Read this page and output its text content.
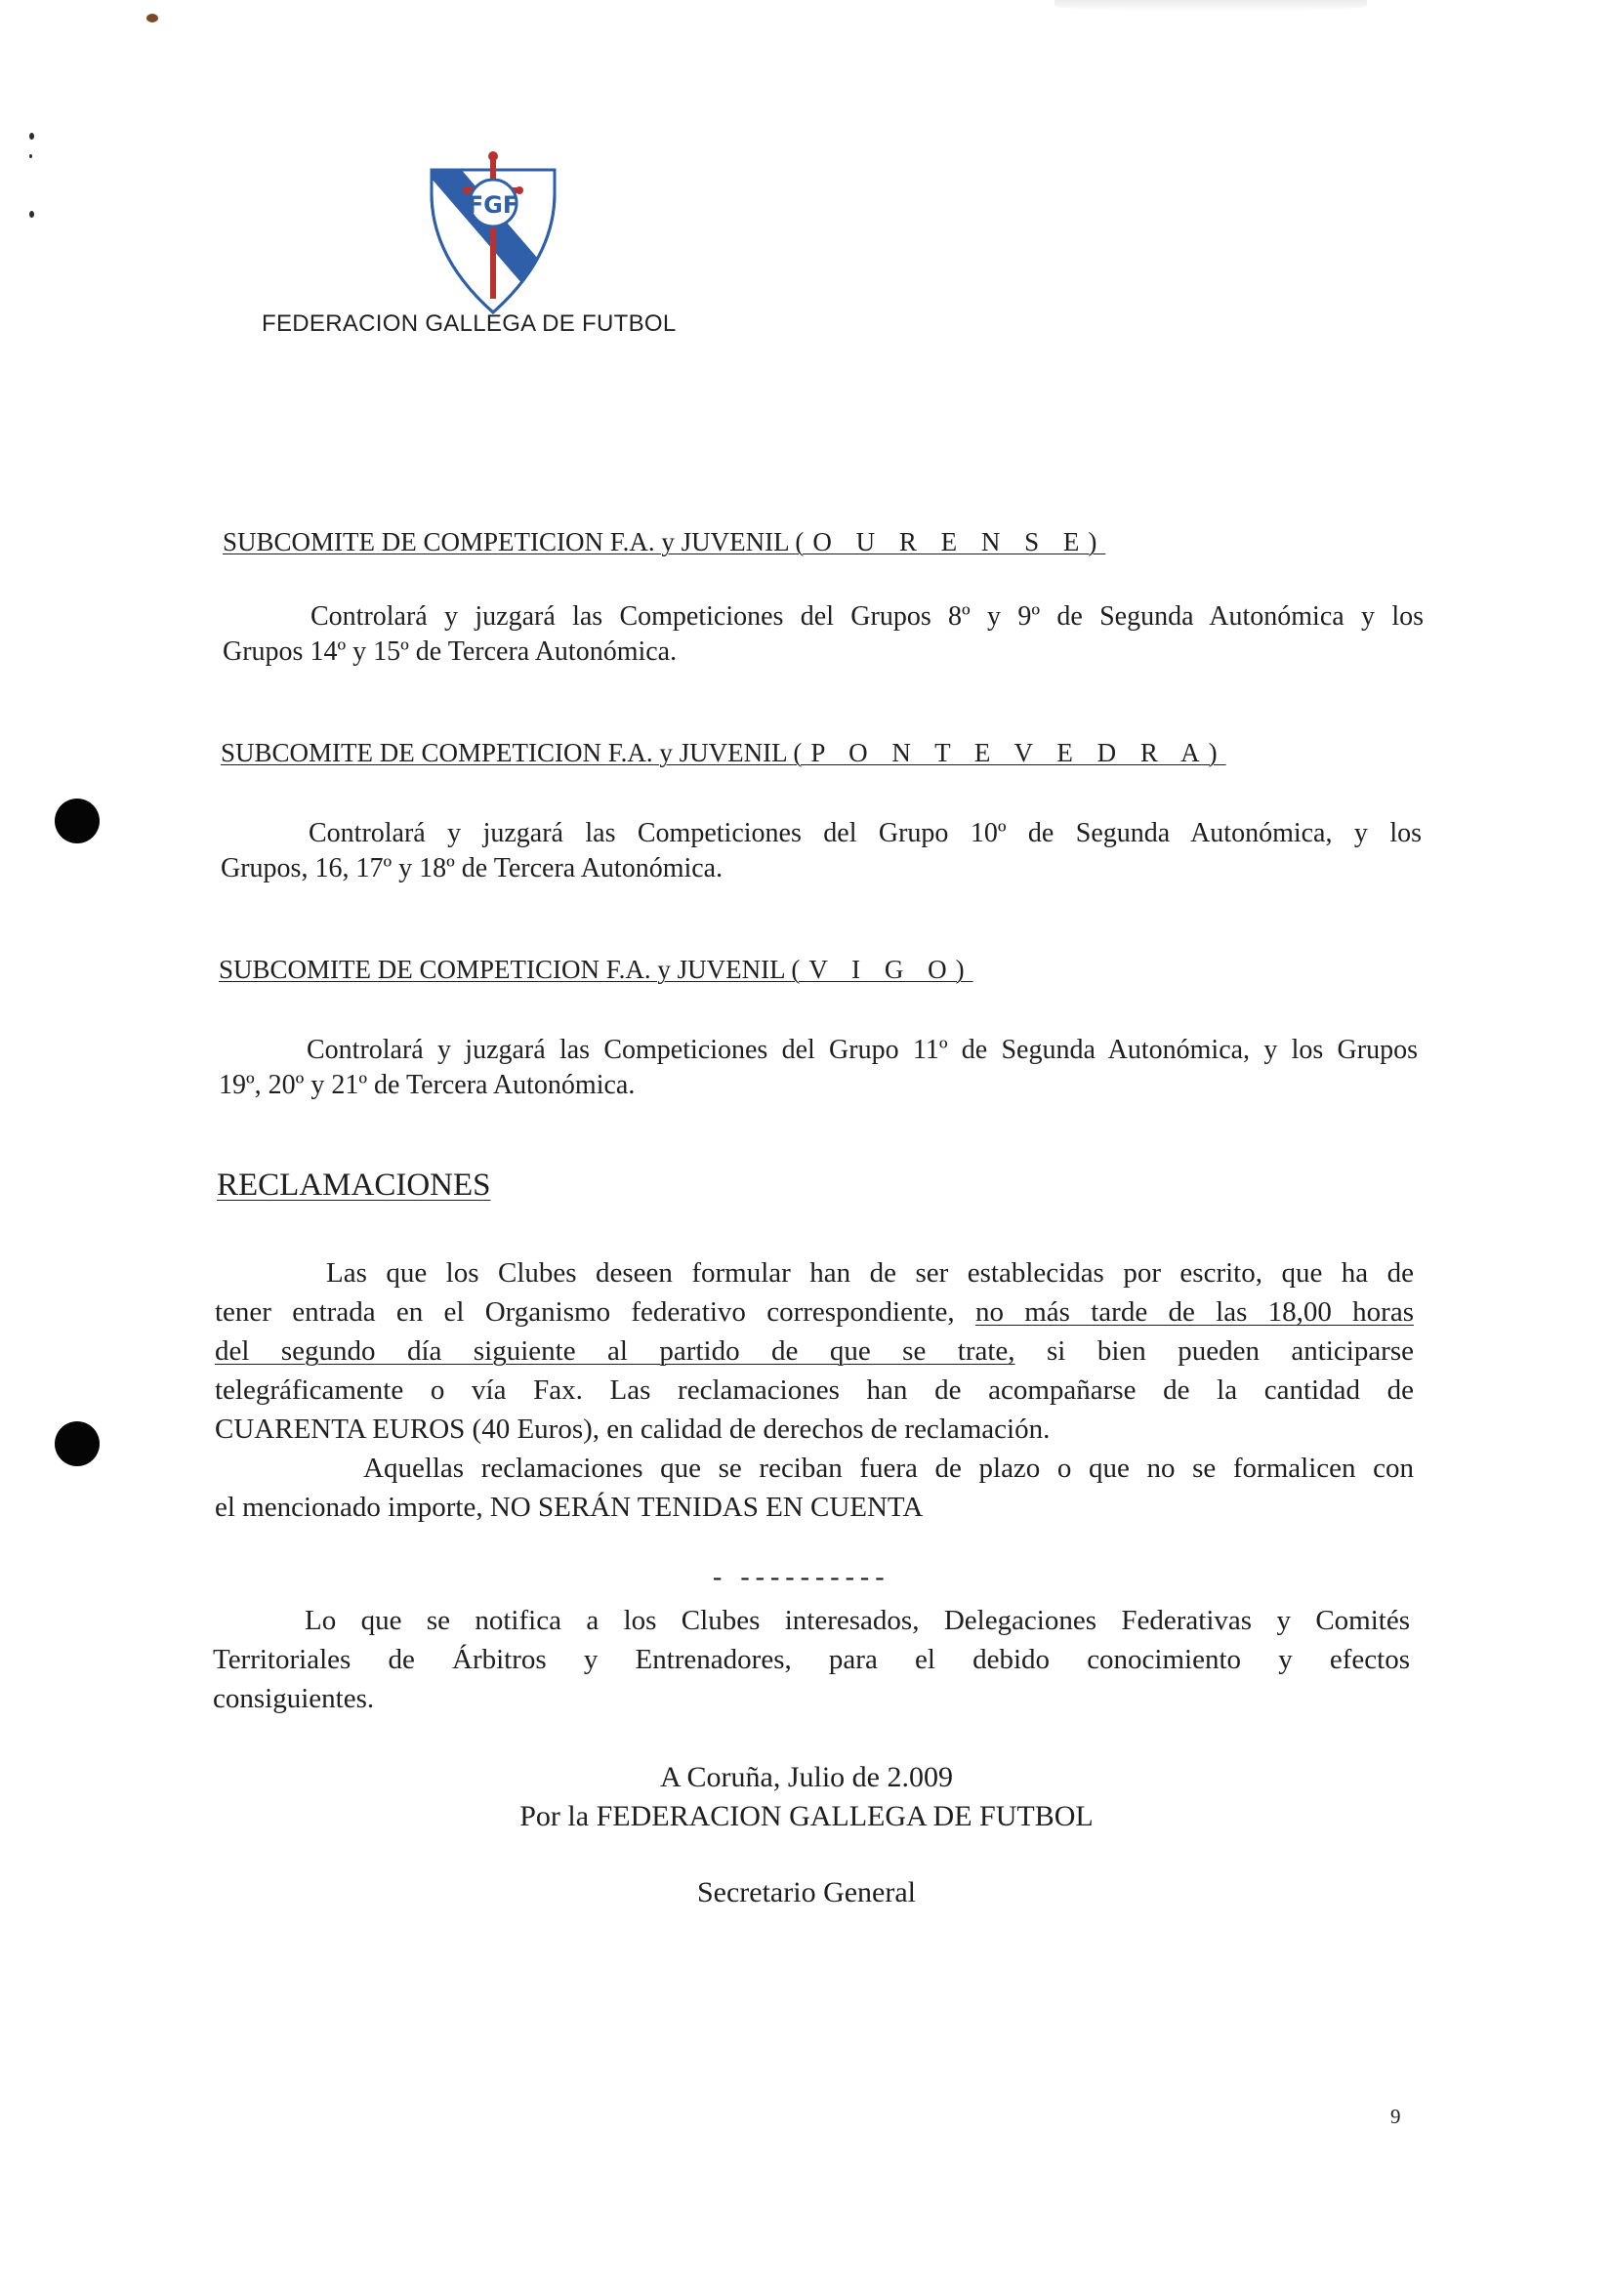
FGF
FEDERACION GALLEGA DE FUTBOL
SUBCOMITE DE COMPETICION F.A. y JUVENIL (O U R E N S E)
Controlará y juzgará las Competiciones del Grupos 8º y 9º de Segunda Autonómica y los
Grupos 14º y 15º de Tercera Autonómica.
SUBCOMITE DE COMPETICION F.A. y JUVENIL (P O N T E V E D R A)
Controlará y juzgará las Competiciones del Grupo 10º de Segunda Autonómica, y los
Grupos, 16, 17º y 18º de Tercera Autonómica.
SUBCOMITE DE COMPETICION F.A. y JUVENIL (V I G O)
Controlará y juzgará las Competiciones del Grupo 11º de Segunda Autonómica, y los Grupos
19º, 20º y 21º de Tercera Autonómica.
RECLAMACIONES
Las que los Clubes deseen formular han de ser establecidas por escrito, que ha de
tener entrada en el Organismo federativo correspondiente, no más tarde de las 18,00 horas
del segundo día siguiente al partido de que se trate, si bien pueden anticiparse
telegráficamente o vía Fax. Las reclamaciones han de acompañarse de la cantidad de
CUARENTA EUROS (40 Euros), en calidad de derechos de reclamación.
Aquellas reclamaciones que se reciban fuera de plazo o que no se formalicen con
el mencionado importe, NO SERÁN TENIDAS EN CUENTA
- ----------
Lo que se notifica a los Clubes interesados, Delegaciones Federativas y Comités
Territoriales de Árbitros y Entrenadores, para el debido conocimiento y efectos
consiguientes.
A Coruña, Julio de 2.009
Por la FEDERACION GALLEGA DE FUTBOL
Secretario General
9
